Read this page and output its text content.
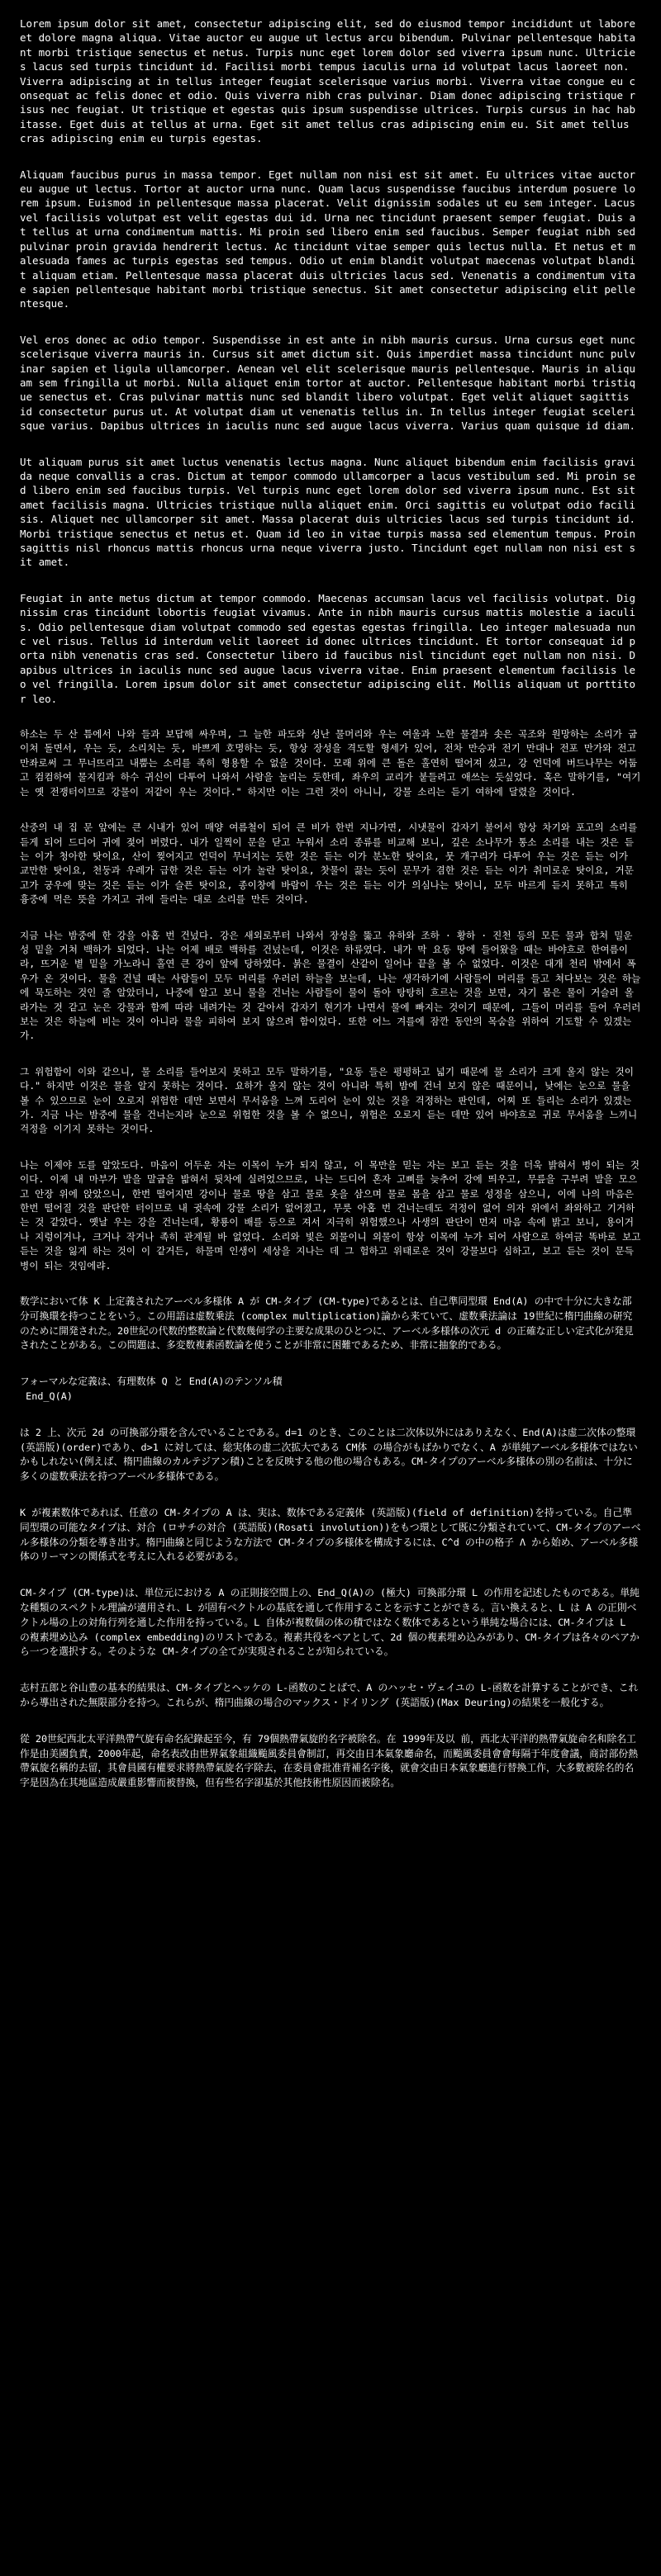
Lorem ipsum dolor sit amet, consectetur adipiscing elit, sed do eiusmod tempor incididunt ut labore et dolore magna aliqua. Vitae auctor eu augue ut lectus arcu bibendum. Pulvinar pellentesque habitant morbi tristique senectus et netus. Turpis nunc eget lorem dolor sed viverra ipsum nunc. Ultricies lacus sed turpis tincidunt id. Facilisi morbi tempus iaculis urna id volutpat lacus laoreet non. Viverra adipiscing at in tellus integer feugiat scelerisque varius morbi. Viverra vitae congue eu consequat ac felis donec et odio. Quis viverra nibh cras pulvinar. Diam donec adipiscing tristique risus nec feugiat. Ut tristique et egestas quis ipsum suspendisse ultrices. Turpis cursus in hac habitasse. Eget duis at tellus at urna. Eget sit amet tellus cras adipiscing enim eu. Sit amet tellus cras adipiscing enim eu turpis egestas.

Aliquam faucibus purus in massa tempor. Eget nullam non nisi est sit amet. Eu ultrices vitae auctor eu augue ut lectus. Tortor at auctor urna nunc. Quam lacus suspendisse faucibus interdum posuere lorem ipsum. Euismod in pellentesque massa placerat. Velit dignissim sodales ut eu sem integer. Lacus vel facilisis volutpat est velit egestas dui id. Urna nec tincidunt praesent semper feugiat. Duis at tellus at urna condimentum mattis. Mi proin sed libero enim sed faucibus. Semper feugiat nibh sed pulvinar proin gravida hendrerit lectus. Ac tincidunt vitae semper quis lectus nulla. Et netus et malesuada fames ac turpis egestas sed tempus. Odio ut enim blandit volutpat maecenas volutpat blandit aliquam etiam. Pellentesque massa placerat duis ultricies lacus sed. Venenatis a condimentum vitae sapien pellentesque habitant morbi tristique senectus. Sit amet consectetur adipiscing elit pellentesque.

Vel eros donec ac odio tempor. Suspendisse in est ante in nibh mauris cursus. Urna cursus eget nunc scelerisque viverra mauris in. Cursus sit amet dictum sit. Quis imperdiet massa tincidunt nunc pulvinar sapien et ligula ullamcorper. Aenean vel elit scelerisque mauris pellentesque. Mauris in aliquam sem fringilla ut morbi. Nulla aliquet enim tortor at auctor. Pellentesque habitant morbi tristique senectus et. Cras pulvinar mattis nunc sed blandit libero volutpat. Eget velit aliquet sagittis id consectetur purus ut. At volutpat diam ut venenatis tellus in. In tellus integer feugiat scelerisque varius. Dapibus ultrices in iaculis nunc sed augue lacus viverra. Varius quam quisque id diam.

Ut aliquam purus sit amet luctus venenatis lectus magna. Nunc aliquet bibendum enim facilisis gravida neque convallis a cras. Dictum at tempor commodo ullamcorper a lacus vestibulum sed. Mi proin sed libero enim sed faucibus turpis. Vel turpis nunc eget lorem dolor sed viverra ipsum nunc. Est sit amet facilisis magna. Ultricies tristique nulla aliquet enim. Orci sagittis eu volutpat odio facilisis. Aliquet nec ullamcorper sit amet. Massa placerat duis ultricies lacus sed turpis tincidunt id. Morbi tristique senectus et netus et. Quam id leo in vitae turpis massa sed elementum tempus. Proin sagittis nisl rhoncus mattis rhoncus urna neque viverra justo. Tincidunt eget nullam non nisi est sit amet.

Feugiat in ante metus dictum at tempor commodo. Maecenas accumsan lacus vel facilisis volutpat. Dignissim cras tincidunt lobortis feugiat vivamus. Ante in nibh mauris cursus mattis molestie a iaculis. Odio pellentesque diam volutpat commodo sed egestas egestas fringilla. Leo integer malesuada nunc vel risus. Tellus id interdum velit laoreet id donec ultrices tincidunt. Et tortor consequat id porta nibh venenatis cras sed. Consectetur libero id faucibus nisl tincidunt eget nullam non nisi. Dapibus ultrices in iaculis nunc sed augue lacus viverra vitae. Enim praesent elementum facilisis leo vel fringilla. Lorem ipsum dolor sit amet consectetur adipiscing elit. Mollis aliquam ut porttitor leo.

하소는 두 산 틈에서 나와 들과 보답해 싸우며, 그 늘한 파도와 성난 물머리와 우는 여울과 노한 물결과 솟은 곡조와 원망하는 소리가 굽이쳐 돌면서, 우는 듯, 소리치는 듯, 바쁘게 호명하는 듯, 항상 장성을 격도할 형세가 있어, 전차 만승과 전기 만대나 전포 만가와 전고 만좌로써 그 무너뜨리고 내뿜는 소리를 족히 형용할 수 없을 것이다. 모래 위에 큰 돌은 홀연히 떨어져 섰고, 강 언덕에 버드나무는 어둡고 컴컴하여 물지킴과 하수 귀신이 다투어 나와서 사람을 놀리는 듯한데, 좌우의 교리가 붙들려고 애쓰는 듯싶었다. 혹은 말하기를, "여기는 옛 전쟁터이므로 강물이 저같이 우는 것이다." 하지만 이는 그런 것이 아니니, 강물 소리는 듣기 여하에 달렸을 것이다.

산중의 내 집 문 앞에는 큰 시내가 있어 매양 여름철이 되어 큰 비가 한번 지나가면, 시냇물이 갑자기 불어서 항상 차기와 포고의 소리를 듣게 되어 드디어 귀에 젖어 버렸다. 내가 일찍이 문을 닫고 누워서 소리 종류를 비교해 보니, 깊은 소나무가 통소 소리를 내는 것은 듣는 이가 청아한 탓이요, 산이 찢어지고 언덕이 무너지는 듯한 것은 듣는 이가 분노한 탓이요, 뭇 개구리가 다투어 우는 것은 듣는 이가 교만한 탓이요, 천둥과 우레가 급한 것은 듣는 이가 놀란 탓이요, 찻물이 끓는 듯이 문무가 겸한 것은 듣는 이가 취미로운 탓이요, 거문고가 궁우에 맞는 것은 듣는 이가 슬픈 탓이요, 종이창에 바람이 우는 것은 듣는 이가 의심나는 탓이니, 모두 바르게 듣지 못하고 특히 흉중에 먹은 뜻을 가지고 귀에 들리는 대로 소리를 만든 것이다.

지금 나는 밤중에 한 강을 아홉 번 건넜다. 강은 새외로부터 나와서 장성을 뚫고 유하와 조하 · 황하 · 진천 등의 모든 물과 합쳐 밀운성 밑을 거쳐 백하가 되었다. 나는 어제 배로 백하를 건넜는데, 이것은 하류였다. 내가 막 요동 땅에 들어왔을 때는 바야흐로 한여름이라, 뜨거운 볕 밑을 가노라니 홀연 큰 강이 앞에 당하였다. 붉은 물결이 산같이 일어나 끝을 볼 수 없었다. 이것은 대개 천리 밖에서 폭우가 온 것이다. 물을 건널 때는 사람들이 모두 머리를 우러러 하늘을 보는데, 나는 생각하기에 사람들이 머리를 들고 쳐다보는 것은 하늘에 묵도하는 것인 줄 알았더니, 나중에 알고 보니 물을 건너는 사람들이 물이 돌아 탕탕히 흐르는 것을 보면, 자기 몸은 물이 거슬러 올라가는 것 같고 눈은 강물과 함께 따라 내려가는 것 같아서 갑자기 현기가 나면서 물에 빠지는 것이기 때문에, 그들이 머리를 들어 우러러보는 것은 하늘에 비는 것이 아니라 물을 피하여 보지 않으려 함이었다. 또한 어느 겨를에 잠깐 동안의 목숨을 위하여 기도할 수 있겠는가.

그 위험함이 이와 같으니, 물 소리를 들어보지 못하고 모두 말하기를, "요동 들은 평평하고 넓기 때문에 물 소리가 크게 울지 않는 것이다." 하지만 이것은 물을 알지 못하는 것이다. 요하가 울지 않는 것이 아니라 특히 밤에 건너 보지 않은 때문이니, 낮에는 눈으로 물을 볼 수 있으므로 눈이 오로지 위험한 데만 보면서 무서움을 느껴 도리어 눈이 있는 것을 걱정하는 판인데, 어찌 또 들리는 소리가 있겠는가. 지금 나는 밤중에 물을 건너는지라 눈으로 위험한 것을 볼 수 없으니, 위험은 오로지 듣는 데만 있어 바야흐로 귀로 무서움을 느끼니 걱정을 이기지 못하는 것이다.

나는 이제야 도를 알았도다. 마음이 어두운 자는 이목이 누가 되지 않고, 이 목만을 믿는 자는 보고 듣는 것을 더욱 밝혀서 병이 되는 것이다. 이제 내 마부가 발을 말굽을 밟혀서 뒷차에 실려었으므로, 나는 드디어 혼자 고삐를 늦추어 강에 띄우고, 무릎을 구부려 발을 모으고 안장 위에 앉았으니, 한번 떨어지면 강이나 물로 땅을 삼고 물로 옷을 삼으며 물로 몸을 삼고 물로 성정을 삼으니, 이에 나의 마음은 한번 떨어질 것을 판단한 터이므로 내 귓속에 강물 소리가 없어졌고, 무릇 아홉 번 건너는데도 걱정이 없어 의자 위에서 좌와하고 기거하는 것 같았다. 옛날 우는 강을 건너는데, 황룡이 배를 등으로 져서 지극히 위험했으나 사생의 판단이 먼저 마음 속에 밝고 보니, 용이거나 지렁이거나, 크거나 작거나 족히 관계될 바 없었다. 소리와 빛은 외물이니 외물이 항상 이목에 누가 되어 사람으로 하여금 똑바로 보고 듣는 것을 잃게 하는 것이 이 같거든, 하물며 인생이 세상을 지나는 데 그 험하고 위태로운 것이 강물보다 심하고, 보고 듣는 것이 문득 병이 되는 것임에랴.

数学において体 K 上定義されたアーベル多様体 A が CM-タイプ (CM-type)であるとは、自己準同型環 End(A) の中で十分に大きな部分可換環を持つことをいう。この用語は虚数乗法 (complex multiplication)論から来ていて、虚数乗法論は 19世紀に楕円曲線の研究のために開発された。20世紀の代数的整数論と代数幾何学の主要な成果のひとつに、アーベル多様体の次元 d の正確な正しい定式化が発見されたことがある。この問題は、多変数複素函数論を使うことが非常に困難であるため、非常に抽象的である。

フォーマルな定義は、有理数体 Q と End(A)のテンソル積
End_Q(A)

は 2 上、次元 2d の可換部分環を含んでいることである。d=1 のとき、このことは二次体以外にはありえなく、End(A)は虚二次体の整環 (英語版)(order)であり、d>1 に対しては、総実体の虚二次拡大である CM体 の場合がもばかりでなく、A が単純アーベル多様体ではないかもしれない(例えば、楕円曲線のカルテジアン積)ことを反映する他の他の場合もある。CM-タイプのアーベル多様体の別の名前は、十分に多くの虚数乗法を持つアーベル多様体である。

K が複素数体であれば、任意の CM-タイプの A は、実は、数体である定義体 (英語版)(field of definition)を持っている。自己準同型環の可能なタイプは、対合 (ロサチの対合 (英語版)(Rosati involution))をもつ環として既に分類されていて、CM-タイプのアーベル多様体の分類を導き出す。楕円曲線と同じような方法で CM-タイプの多様体を構成するには、C^d の中の格子 Λ から始め、アーベル多様体のリーマンの関係式を考えに入れる必要がある。

CM-タイプ (CM-type)は、単位元における A の正則接空間上の、End_Q(A)の (極大) 可換部分環 L の作用を記述したものである。単純な種類のスペクトル理論が適用され、L が固有ベクトルの基底を通して作用することを示すことができる。言い換えると、L は A の正則ベクトル場の上の対角行列を通した作用を持っている。L 自体が複数個の体の積ではなく数体であるという単純な場合には、CM-タイプは L の複素埋め込み (complex embedding)のリストである。複素共役をペアとして、2d 個の複素埋め込みがあり、CM-タイプは各々のペアから一つを選択する。そのような CM-タイプの全てが実現されることが知られている。

志村五郎と谷山豊の基本的結果は、CM-タイプとヘッケの L-函数のことばで、A のハッセ・ヴェイユの L-函数を計算することができ、これから導出された無限部分を持つ。これらが、楕円曲線の場合のマックス・ドイリング (英語版)(Max Deuring)の結果を一般化する。

從 20世紀西北太平洋熱帶气旋有命名紀錄起至今，有 79個熱帶氣旋的名字被除名。在 1999年及以 前，西北太平洋的熱帶氣旋命名和除名工作是由美國負責，2000年起，命名表改由世界氣象組織颱風委員會制訂，再交由日本氣象廳命名，而颱風委員會會每隔于年度會議，商討部份熱帶氣旋名稱的去留，其會員國有權要求將熱帶氣旋名字除去，在委員會批准背補名字後，就會交由日本氣象廳進行替換工作，大多數被除名的名字是因為在其地區造成嚴重影響而被替換，但有些名字卻基於其他技術性原因而被除名。
